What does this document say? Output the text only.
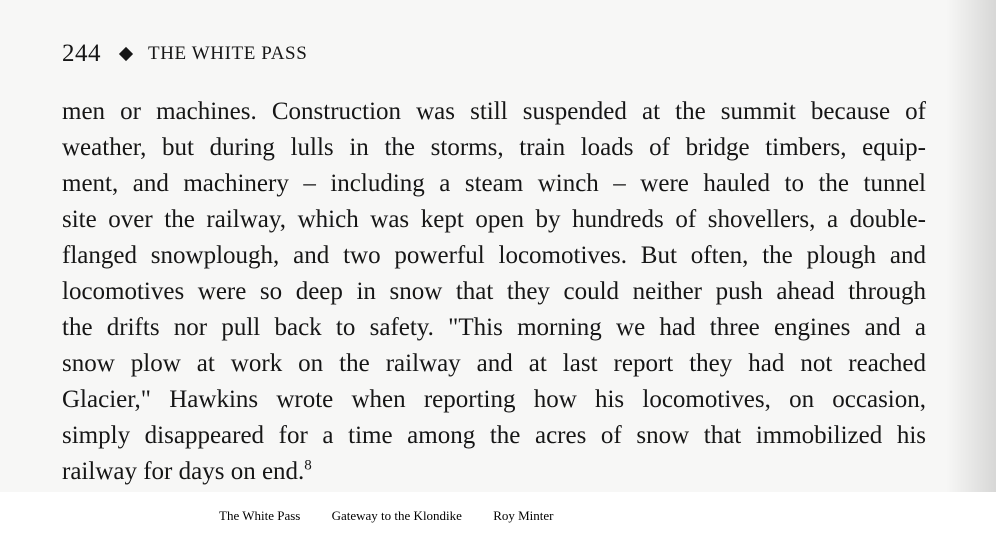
244 THE WHITE PASS
men or machines. Construction was still suspended at the summit because of
weather, but during lulls in the storms, train loads of bridge timbers, equip-
ment, and machinery – including a steam winch – were hauled to the tunnel
site over the railway, which was kept open by hundreds of shovellers, a double-
flanged snowplough, and two powerful locomotives. But often, the plough and
locomotives were so deep in snow that they could neither push ahead through
the drifts nor pull back to safety. "This morning we had three engines and a
snow plow at work on the railway and at last report they had not reached
Glacier," Hawkins wrote when reporting how his locomotives, on occasion,
simply disappeared for a time among the acres of snow that immobilized his
railway for days on end.$^8$
The White Pass Gateway to the Klondike Roy Minter
